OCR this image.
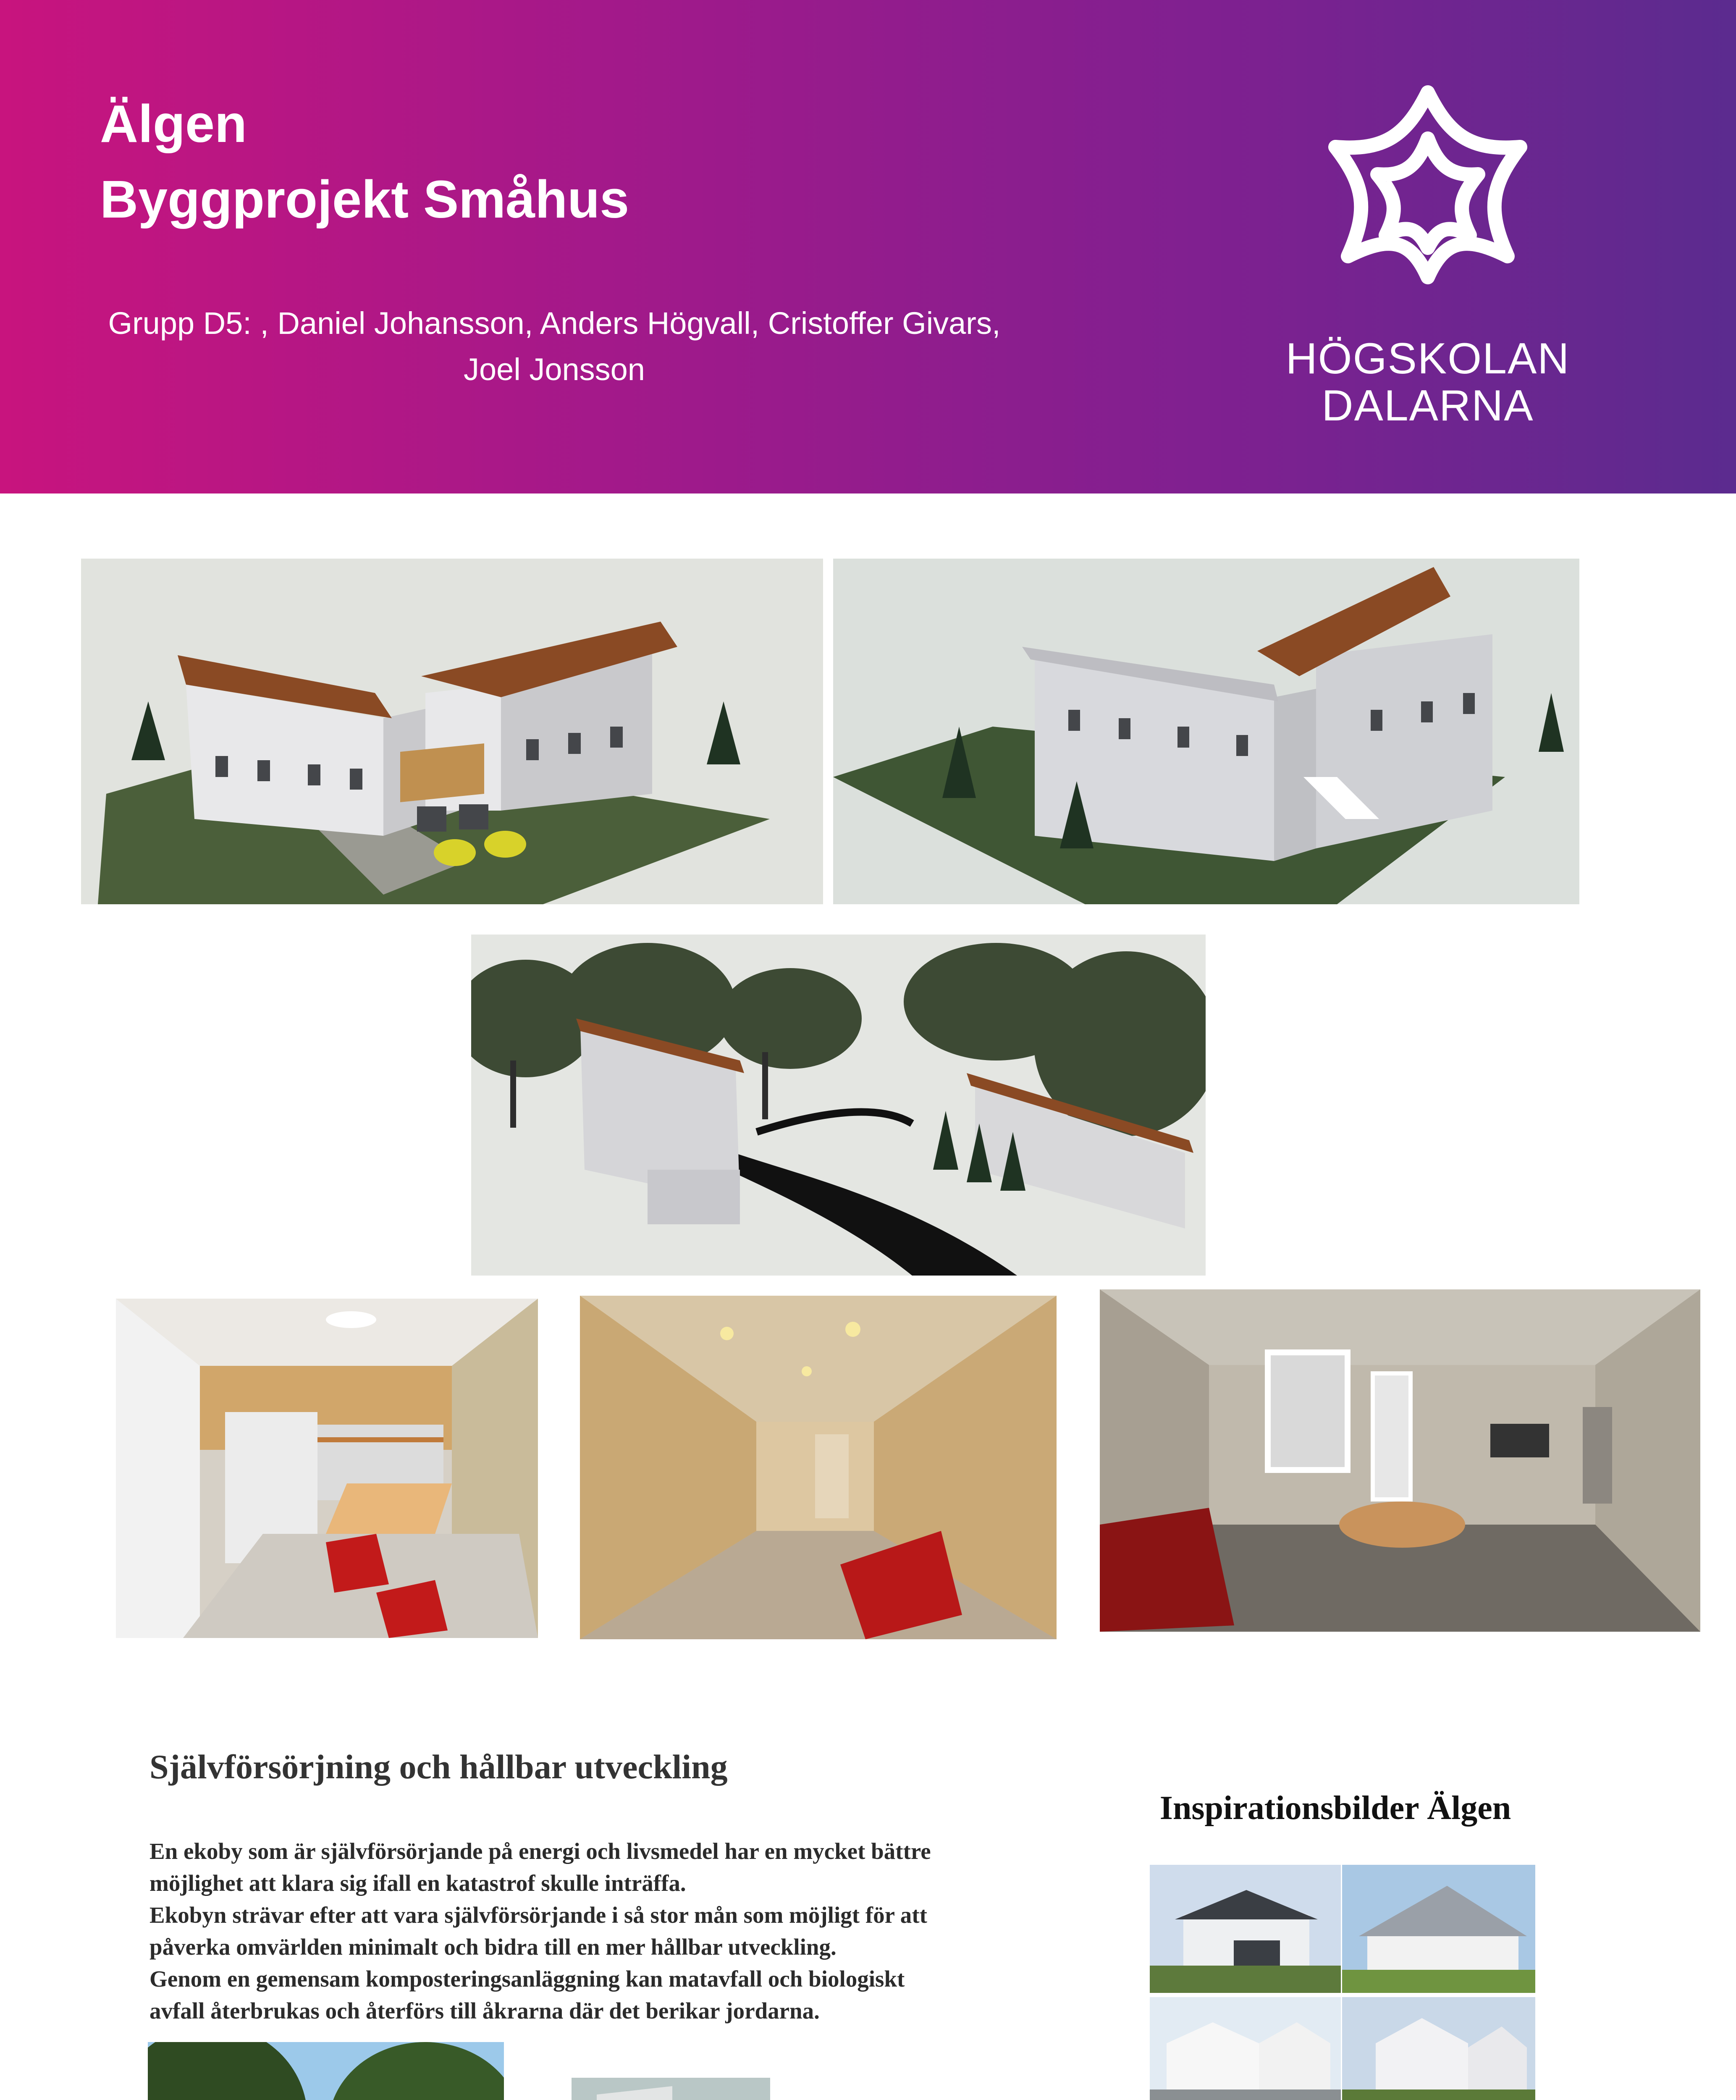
Älgen
Byggprojekt Småhus
Grupp D5: , Daniel Johansson, Anders Högvall, Cristoffer Givars,
Joel Jonsson	HÖGSKOLAN
DALARNA
Självförsörjning och hållbar utveckling
En ekoby som är självförsörjande på energi och livsmedel har en mycket bättre
möjlighet att klara sig ifall en katastrof skulle inträffa.
Ekobyn strävar efter att vara självförsörjande i så stor mån som möjligt för att
påverka omvärlden minimalt och bidra till en mer hållbar utveckling.
Genom en gemensam komposteringsanläggning kan matavfall och biologiskt
avfall återbrukas och återförs till åkrarna där det berikar jordarna.
Inspirationsbilder Älgen
